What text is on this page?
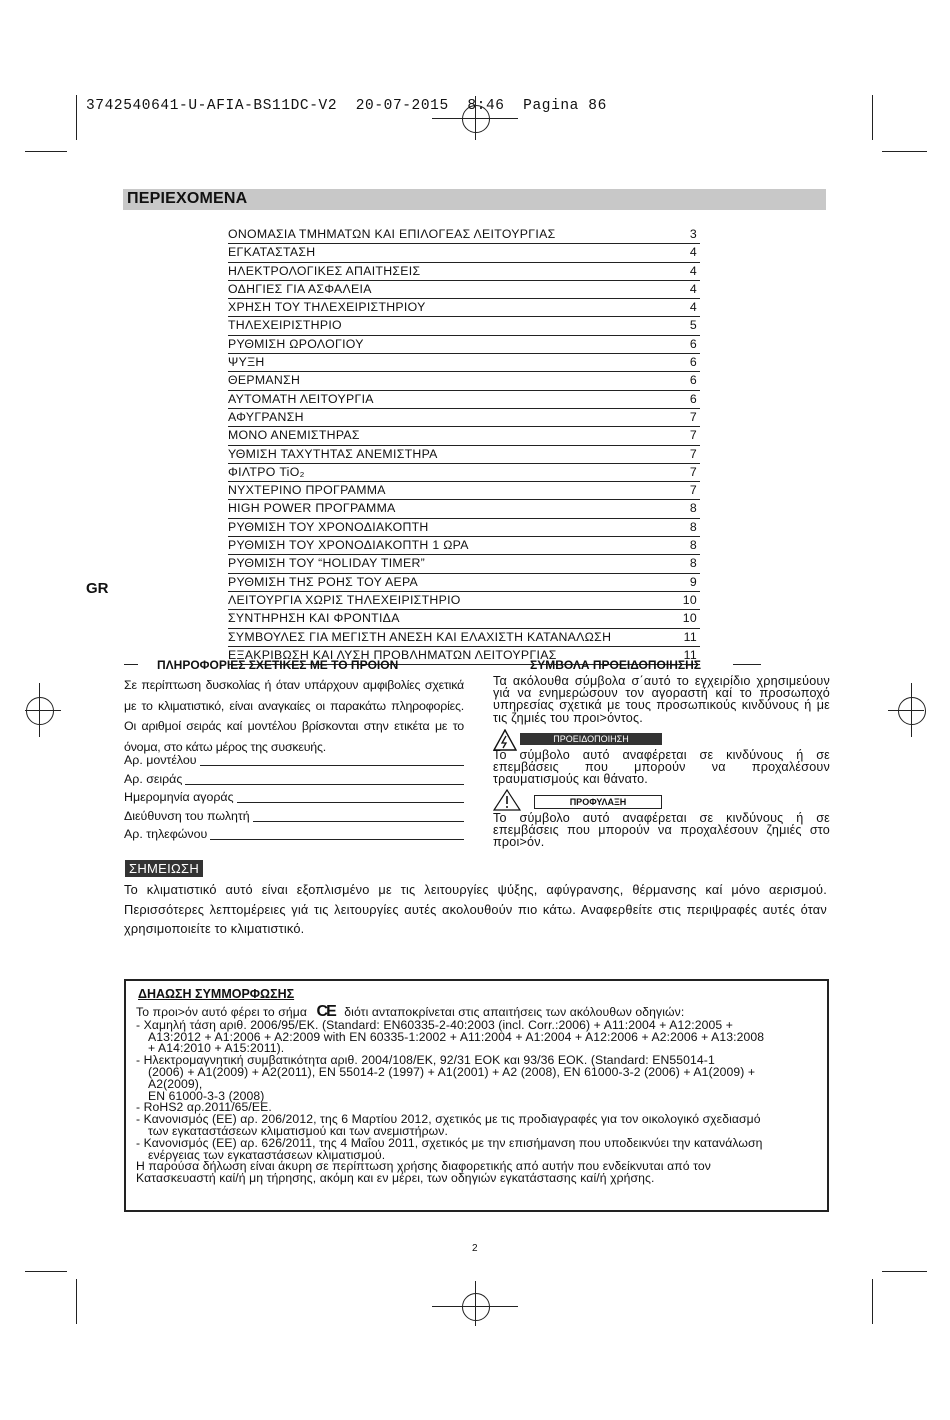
3742540641-U-AFIA-BS11DC-V2  20-07-2015  8:46  Pagina 86
ΠΕΡΙΕΧΟΜΕΝΑ
ΟΝΟΜΑΣΙΑ ΤΜΗΜΑΤΩΝ ΚΑΙ ΕΠΙΛΟΓΕΑΣ ΛΕΙΤΟΥΡΓΙΑΣ	3
ΕΓΚΑΤΑΣΤΑΣΗ	4
ΗΛΕΚΤΡΟΛΟΓΙΚΕΣ ΑΠΑΙΤΗΣΕΙΣ	4
ΟΔΗΓΙΕΣ ΓΙΑ ΑΣΦΑΛΕΙΑ	4
ΧΡΗΣΗ ΤΟΥ ΤΗΛΕΧΕΙΡΙΣΤΗΡΙΟΥ	4
ΤΗΛΕΧΕΙΡΙΣΤΗΡΙΟ	5
ΡΥΘΜΙΣΗ ΩΡΟΛΟΓΙΟΥ	6
ΨΥΞΗ	6
ΘΕΡΜΑΝΣΗ	6
ΑΥΤΟΜΑΤΗ ΛΕΙΤΟΥΡΓΙΑ	6
ΑΦΥΓΡΑΝΣΗ	7
ΜΟΝΟ ΑΝΕΜΙΣΤΗΡΑΣ	7
ΥΘΜΙΣΗ ΤΑΧΥΤΗΤΑΣ ΑΝΕΜΙΣΤΗΡΑ	7
ΦΙΛΤΡΟ TiO₂	7
ΝΥΧΤΕΡΙΝΟ ΠΡΟΓΡΑΜΜΑ	7
HIGH POWER ΠΡΟΓΡΑΜΜΑ	8
ΡΥΘΜΙΣΗ ΤΟΥ ΧΡΟΝΟΔΙΑΚΟΠΤΗ	8
ΡΥΘΜΙΣΗ ΤΟΥ ΧΡΟΝΟΔΙΑΚΟΠΤΗ 1 ΩΡΑ	8
ΡΥΘΜΙΣΗ ΤΟΥ “HOLIDAY TIMER”	8
ΡΥΘΜΙΣΗ ΤΗΣ ΡΟΗΣ ΤΟΥ ΑΕΡΑ	9
ΛΕΙΤΟΥΡΓΙΑ ΧΩΡΙΣ ΤΗΛΕΧΕΙΡΙΣΤΗΡΙΟ	10
ΣΥΝΤΗΡΗΣΗ ΚΑΙ ΦΡΟΝΤΙΔΑ	10
ΣΥΜΒΟΥΛΕΣ ΓΙΑ ΜΕΓΙΣΤΗ ΑΝΕΣΗ ΚΑΙ ΕΛΑΧΙΣΤΗ ΚΑΤΑΝΑΛΩΣΗ	11
ΕΞΑΚΡΙΒΩΣΗ ΚΑΙ ΛΥΣΗ ΠΡΟΒΛΗΜΑΤΩΝ ΛΕΙΤΟΥΡΓΙΑΣ	11
GR
ΠΛΗΡΟΦΟΡΙΕΣ ΣΧΕΤΙΚΕΣ ΜΕ ΤΟ ΠΡΟΙΟΝ
Σε περίπτωση δυσκολίας ή όταν υπάρχουν αμφιβολίες σχετικά με το κλιματιστικό, είναι αναγκαίες οι παρακάτω πληροφορίες. Οι αριθμοί σειράς καί μοντέλου βρίσκονται στην ετικέτα με το όνομα, στο κάτω μέρος της συσκευής.
Αρ. μοντέλου
Αρ. σειράς
Ημερομηνία αγοράς
Διεύθυνση του πωλητή
Αρ. τηλεφώνου
ΣΥΜΒΟΛΑ ΠΡΟΕΙΔΟΠΟΙΗΣΗΣ
Τα ακόλουθα σύμβολα σ΄αυτό το εγχειρίδιο χρησιμεύουν γιά να ενημερώσουν τον αγοραστή καί το προσωποχό υπηρεσίας σχετικά με τους προσωπικούς κινδύνους ή με τις ζημιές του προι>όντος.
ΠΡΟΕΙΔΟΠΟΙΗΣΗ
Το σύμβολο αυτό αναφέρεται σε κινδύνους ή σε επεμβάσεις που μπορούν να προχαλέσουν τραυματισμούς και θάνατο.
ΠΡΟΦΥΛΑΞΗ
Το σύμβολο αυτό αναφέρεται σε κινδύνους ή σε επεμβάσεις που μπορούν να προχαλέσουν ζημιές στο προι>όν.
ΣΗΜΕΙΩΣΗ
Το κλιματιστικό αυτό είναι εξοπλισμένο με τις λειτουργίες ψύξης, αφύγρανσης, θέρμανσης καί μόνο αερισμού. Περισσότερες λεπτομέρειες γιά τις λειτουργίες αυτές ακολουθούν πιο κάτω. Αναφερθείτε στις περιψραφές αυτές όταν χρησιμοποιείτε το κλιματιστικό.
ΔΗΑΩΣΗ ΣΥΜΜΟΡΦΩΣΗΣ

Το προι>όν αυτό φέρει το σήμα CE διότι ανταποκρίνεται στις απαιτήσεις των ακόλουθων οδηγιών:

- Χαμηλή τάση αριθ. 2006/95/ΕΚ. (Standard: EN60335-2-40:2003 (incl. Corr.:2006) + A11:2004 + A12:2005 +

A13:2012 + A1:2006 + A2:2009 with EN 60335-1:2002 + A11:2004 + A1:2004 + A12:2006 + A2:2006 + A13:2008

+ A14:2010 + A15:2011).

- Ηλεκτρομαγνητική συμβατικότητα αριθ. 2004/108/ΕΚ, 92/31 ΕΟΚ και 93/36 ΕΟΚ. (Standard: EN55014-1

(2006) + A1(2009) + A2(2011), EN 55014-2 (1997) + A1(2001) + A2 (2008), EN 61000-3-2 (2006) + A1(2009) +

A2(2009),

EN 61000-3-3 (2008)

- RoHS2 αρ.2011/65/ΕΕ.

- Κανονισμός (ΕΕ) αρ. 206/2012, της 6 Μαρτίου 2012, σχετικός με τις προδιαγραφές για τον οικολογικό σχεδιασμό

των εγκαταστάσεων κλιματισμού και των ανεμιστήρων.

- Κανονισμός (ΕΕ) αρ. 626/2011, της 4 Μαΐου 2011, σχετικός με την επισήμανση που υποδεικνύει την κατανάλωση

ενέργειας των εγκαταστάσεων κλιματισμού.

Η παρούσα δήλωση είναι άκυρη σε περίπτωση χρήσης διαφορετικής από αυτήν που ενδείκνυται από τον

Κατασκευαστή καί/ή μη τήρησης, ακόμη και εν μέρει, των οδηγιών εγκατάστασης καί/ή χρήσης.

2
